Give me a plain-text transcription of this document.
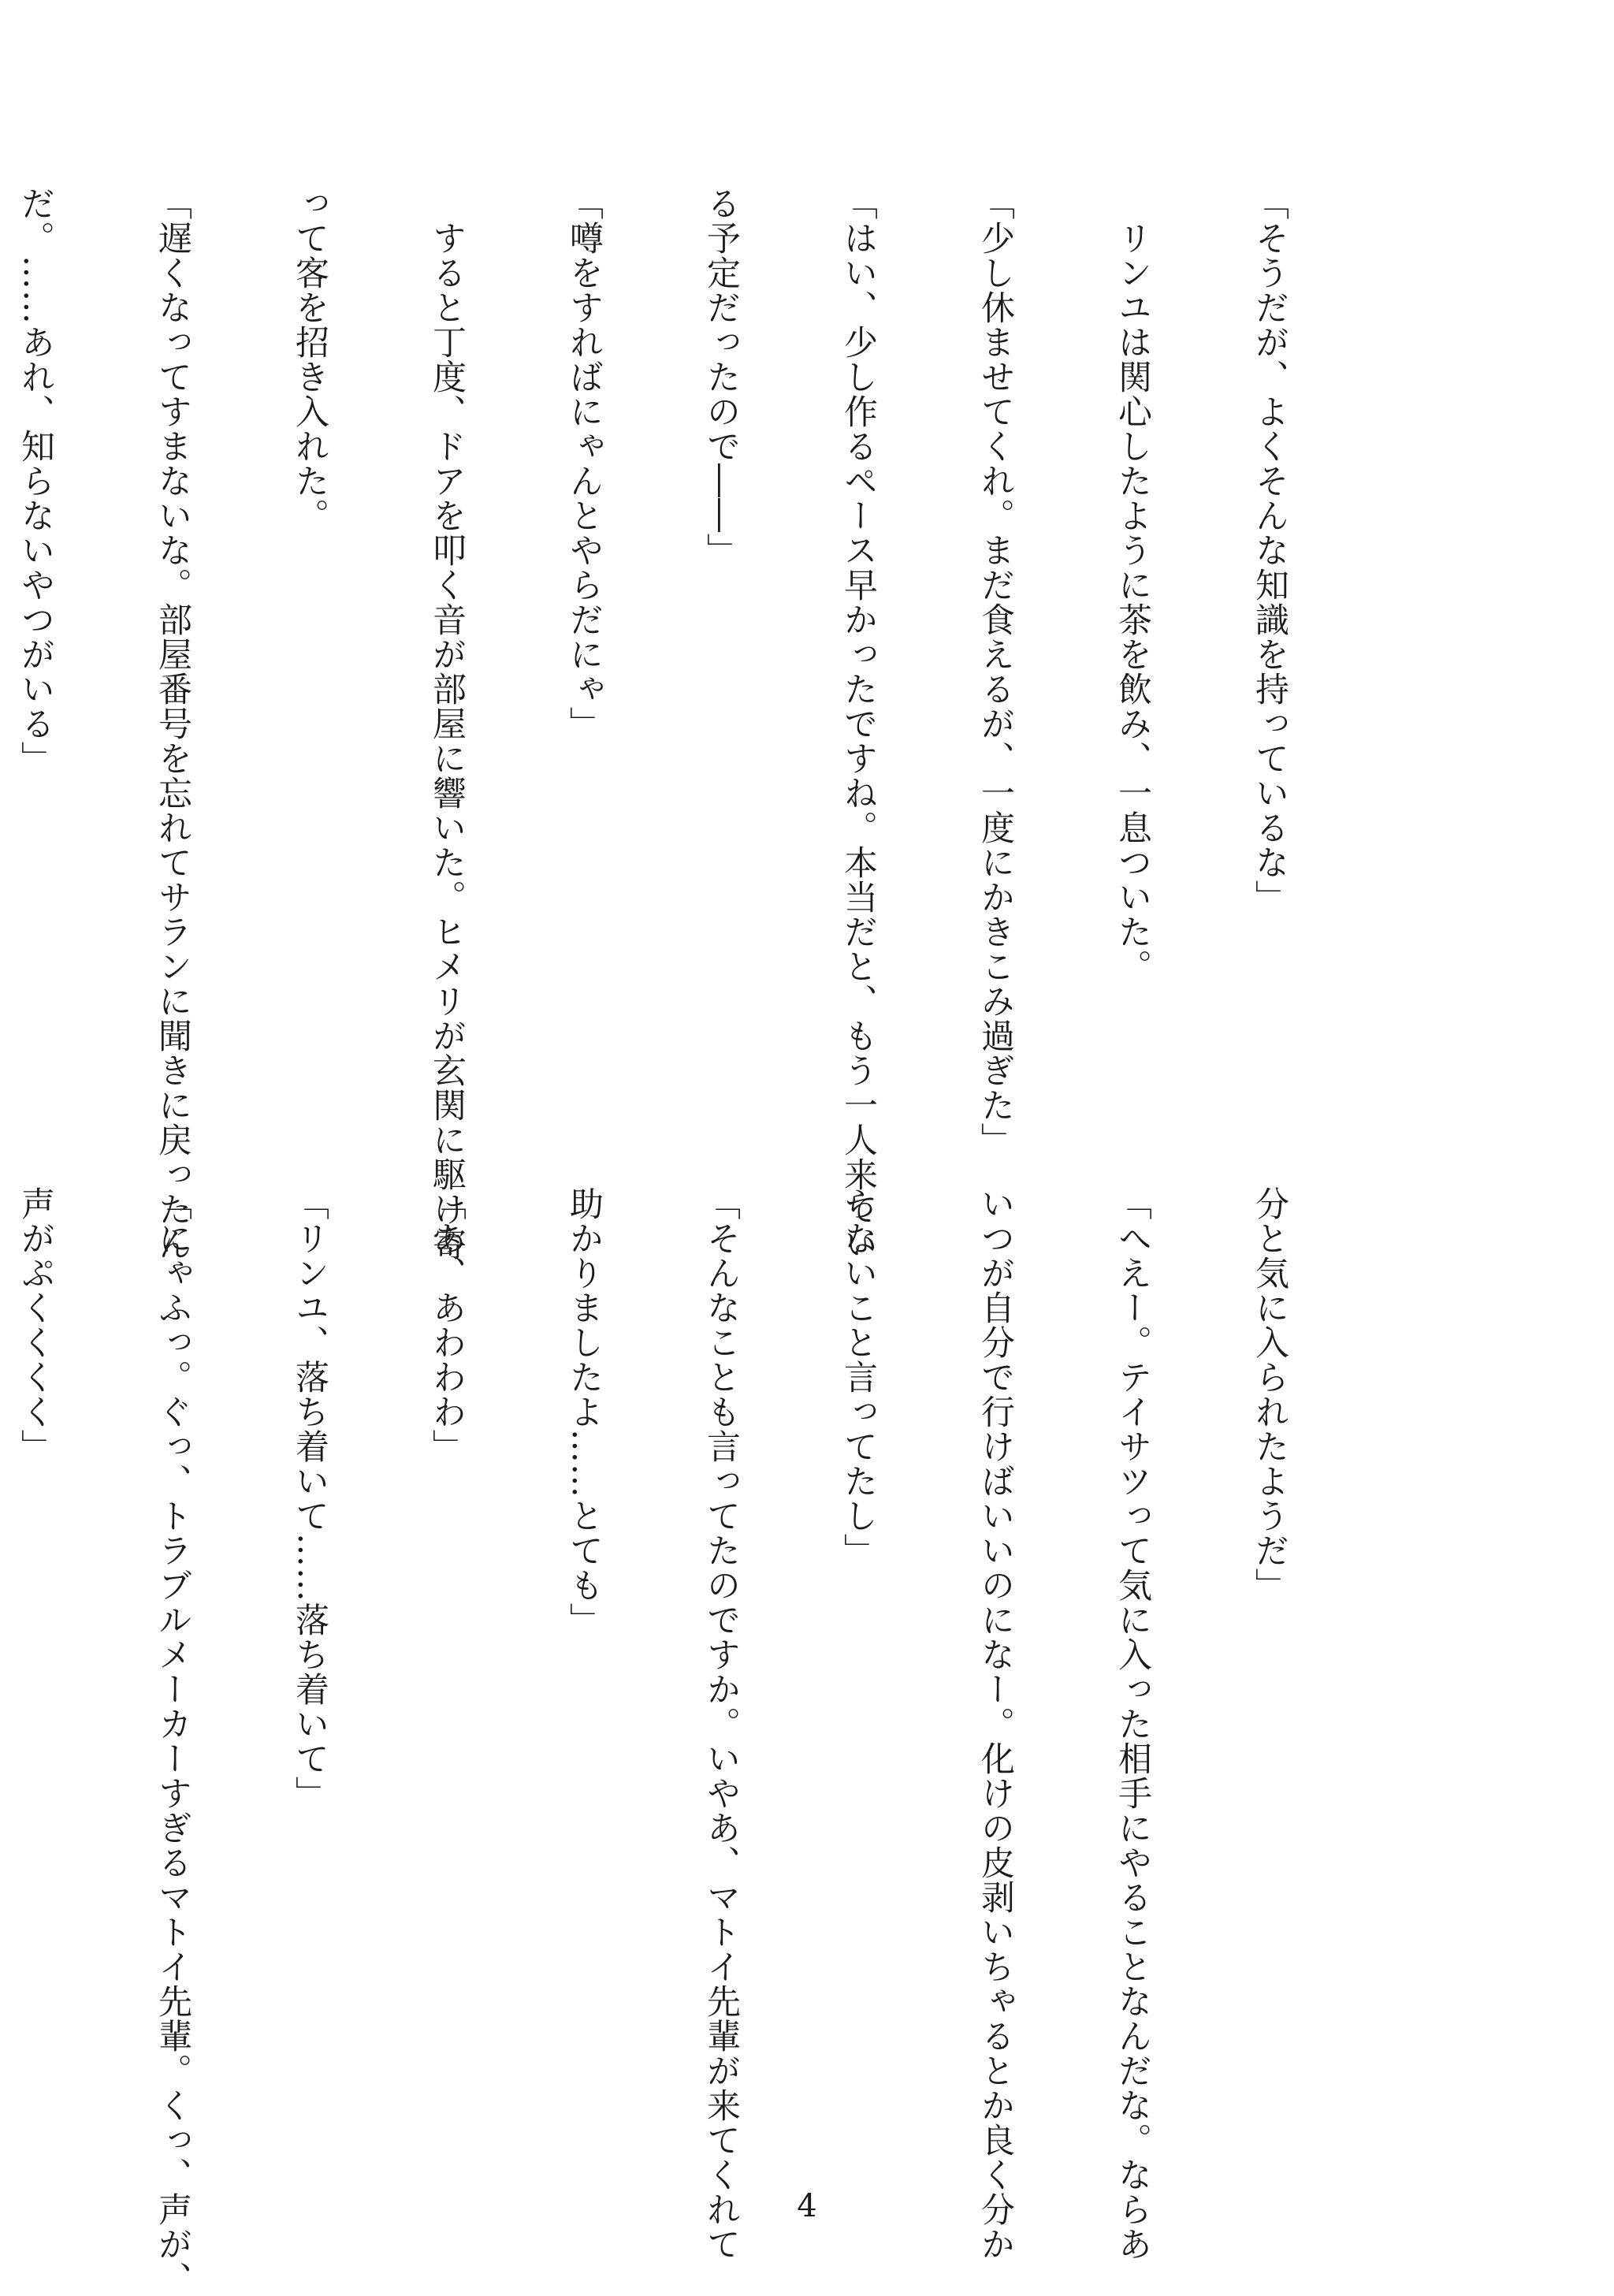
「そうだが、よくそんな知識を持っているな」

　リンユは関心したように茶を飲み、一息ついた。

「少し休ませてくれ。まだ食えるが、一度にかきこみ過ぎた」

「はい、少し作るペース早かったですね。本当だと、もう一人来てい

る予定だったので――」

「噂をすればにゃんとやらだにゃ」

　すると丁度、ドアを叩く音が部屋に響いた。ヒメリが玄関に駆け寄

って客を招き入れた。

「遅くなってすまないな。部屋番号を忘れてサランに聞きに戻ったん

だ。……あれ、知らないやつがいる」

分と気に入られたようだ」

「へえー。テイサツって気に入った相手にやることなんだな。ならあ

いつが自分で行けばいいのになー。化けの皮剥いちゃるとか良く分か

らないこと言ってたし」

「そんなことも言ってたのですか。いやあ、マトイ先輩が来てくれて

助かりましたよ……とても」

「あ、あわわわ」

「リンユ、落ち着いて……落ち着いて」

「にゃふっ。ぐっ、トラブルメーカーすぎるマトイ先輩。くっ、声が、

声がぷくくくく」

4
